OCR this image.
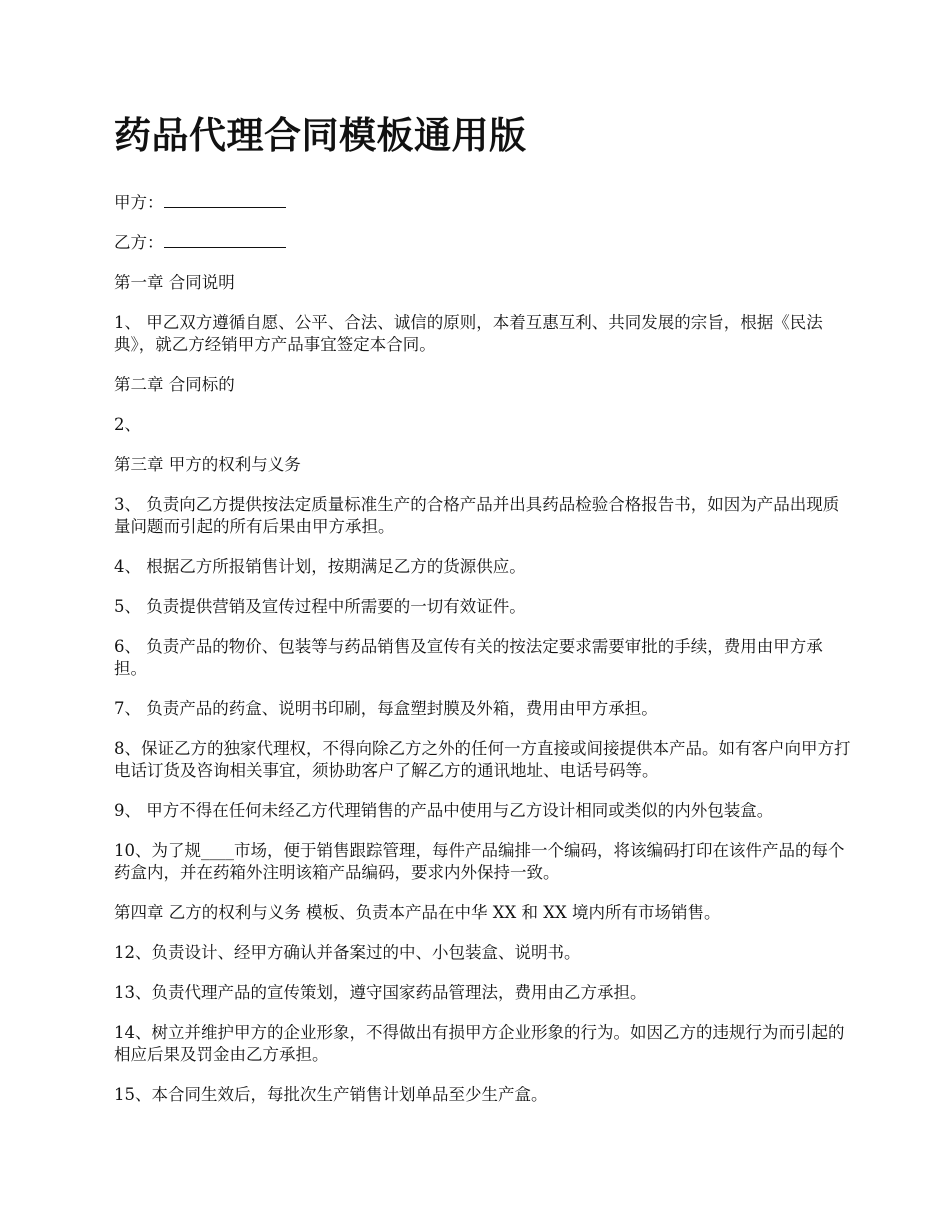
药品代理合同模板通用版

甲方：

乙方：

第一章 合同说明

1、 甲乙双方遵循自愿、公平、合法、诚信的原则，本着互惠互利、共同发展的宗旨，根据《民法典》，就乙方经销甲方产品事宜签定本合同。

第二章 合同标的

2、

第三章 甲方的权利与义务

3、 负责向乙方提供按法定质量标准生产的合格产品并出具药品检验合格报告书，如因为产品出现质量问题而引起的所有后果由甲方承担。

4、 根据乙方所报销售计划，按期满足乙方的货源供应。

5、 负责提供营销及宣传过程中所需要的一切有效证件。

6、 负责产品的物价、包装等与药品销售及宣传有关的按法定要求需要审批的手续，费用由甲方承担。

7、 负责产品的药盒、说明书印刷，每盒塑封膜及外箱，费用由甲方承担。

8、保证乙方的独家代理权，不得向除乙方之外的任何一方直接或间接提供本产品。如有客户向甲方打电话订货及咨询相关事宜，须协助客户了解乙方的通讯地址、电话号码等。

9、 甲方不得在任何未经乙方代理销售的产品中使用与乙方设计相同或类似的内外包装盒。

10、为了规____市场，便于销售跟踪管理，每件产品编排一个编码，将该编码打印在该件产品的每个药盒内，并在药箱外注明该箱产品编码，要求内外保持一致。

第四章 乙方的权利与义务 模板、负责本产品在中华 XX 和 XX 境内所有市场销售。

12、负责设计、经甲方确认并备案过的中、小包装盒、说明书。

13、负责代理产品的宣传策划，遵守国家药品管理法，费用由乙方承担。

14、树立并维护甲方的企业形象，不得做出有损甲方企业形象的行为。如因乙方的违规行为而引起的相应后果及罚金由乙方承担。

15、本合同生效后，每批次生产销售计划单品至少生产盒。
